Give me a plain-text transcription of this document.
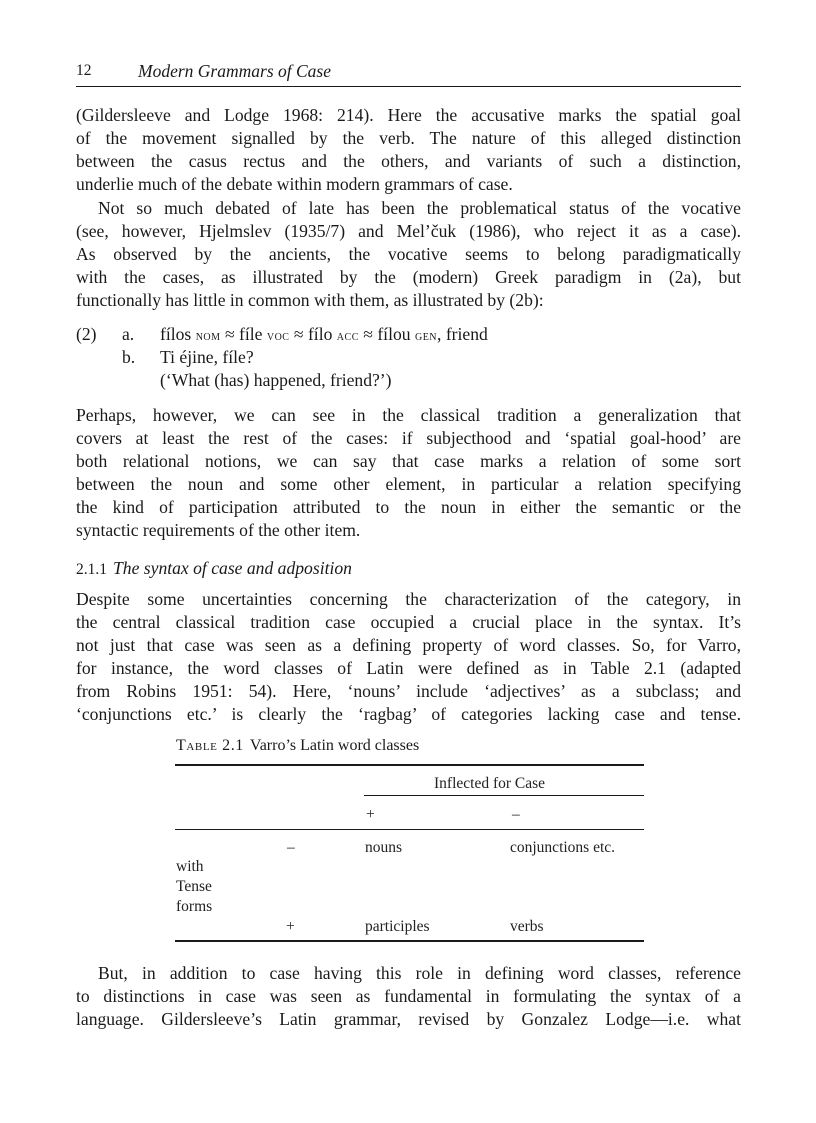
12	Modern Grammars of Case
(Gildersleeve and Lodge 1968: 214). Here the accusative marks the spatial goal
of the movement signalled by the verb. The nature of this alleged distinction
between the casus rectus and the others, and variants of such a distinction,
underlie much of the debate within modern grammars of case.
Not so much debated of late has been the problematical status of the vocative
(see, however, Hjelmslev (1935/7) and Mel’čuk (1986), who reject it as a case).
As observed by the ancients, the vocative seems to belong paradigmatically
with the cases, as illustrated by the (modern) Greek paradigm in (2a), but
functionally has little in common with them, as illustrated by (2b):
(2) a. fílos nom ≈ fíle voc ≈ fílo acc ≈ fílou gen, friend
b. Ti éjine, fíle?
(‘What (has) happened, friend?’)
Perhaps, however, we can see in the classical tradition a generalization that
covers at least the rest of the cases: if subjecthood and ‘spatial goal-hood’ are
both relational notions, we can say that case marks a relation of some sort
between the noun and some other element, in particular a relation specifying
the kind of participation attributed to the noun in either the semantic or the
syntactic requirements of the other item.
2.1.1 The syntax of case and adposition
Despite some uncertainties concerning the characterization of the category, in
the central classical tradition case occupied a crucial place in the syntax. It’s
not just that case was seen as a defining property of word classes. So, for Varro,
for instance, the word classes of Latin were defined as in Table 2.1 (adapted
from Robins 1951: 54). Here, ‘nouns’ include ‘adjectives’ as a subclass; and
‘conjunctions etc.’ is clearly the ‘ragbag’ of categories lacking case and tense.
Table 2.1 Varro’s Latin word classes
Inflected for Case
+	–
–	nouns	conjunctions etc.
with
Tense
forms
+	participles	verbs
But, in addition to case having this role in defining word classes, reference
to distinctions in case was seen as fundamental in formulating the syntax of a
language. Gildersleeve’s Latin grammar, revised by Gonzalez Lodge—i.e. what
